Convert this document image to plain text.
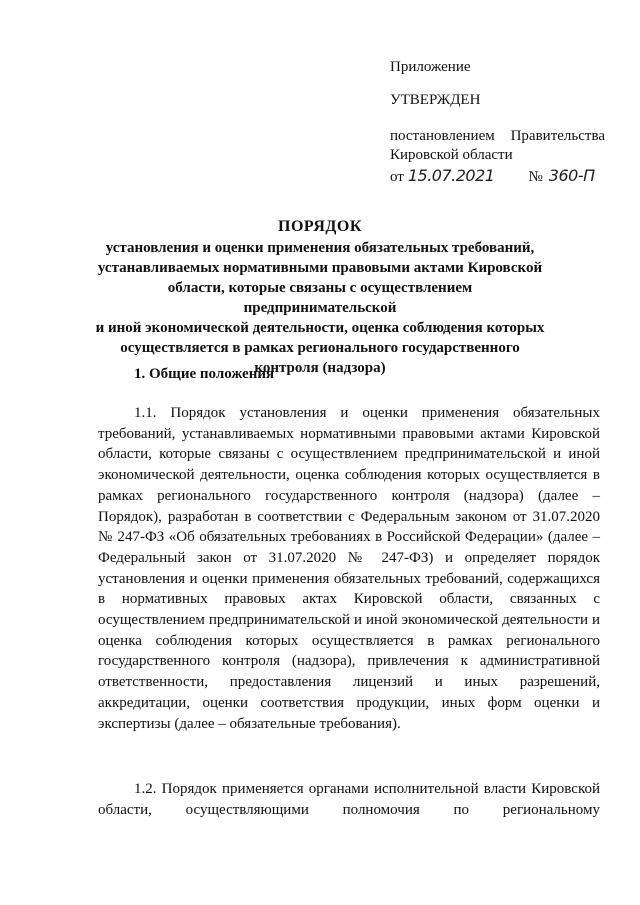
Приложение
УТВЕРЖДЕН
постановлением Правительства
Кировской области
от 15.07.2021 № 360-П
ПОРЯДОК
установления и оценки применения обязательных требований,
устанавливаемых нормативными правовыми актами Кировской
области, которые связаны с осуществлением предпринимательской
и иной экономической деятельности, оценка соблюдения которых
осуществляется в рамках регионального государственного
контроля (надзора)
1. Общие положения

1.1. Порядок установления и оценки применения обязательных требований, устанавливаемых нормативными правовыми актами Кировской области, которые связаны с осуществлением предпринимательской и иной экономической деятельности, оценка соблюдения которых осуществляется в рамках регионального государственного контроля (надзора) (далее – Порядок), разработан в соответствии с Федеральным законом от 31.07.2020 № 247-ФЗ «Об обязательных требованиях в Российской Федерации» (далее – Федеральный закон от 31.07.2020 № 247-ФЗ) и определяет порядок установления и оценки применения обязательных требований, содержащихся в нормативных правовых актах Кировской области, связанных с осуществлением предпринимательской и иной экономической деятельности и оценка соблюдения которых осуществляется в рамках регионального государственного контроля (надзора), привлечения к административной ответственности, предоставления лицензий и иных разрешений, аккредитации, оценки соответствия продукции, иных форм оценки и экспертизы (далее – обязательные требования).

1.2. Порядок применяется органами исполнительной власти Кировской области, осуществляющими полномочия по региональному
